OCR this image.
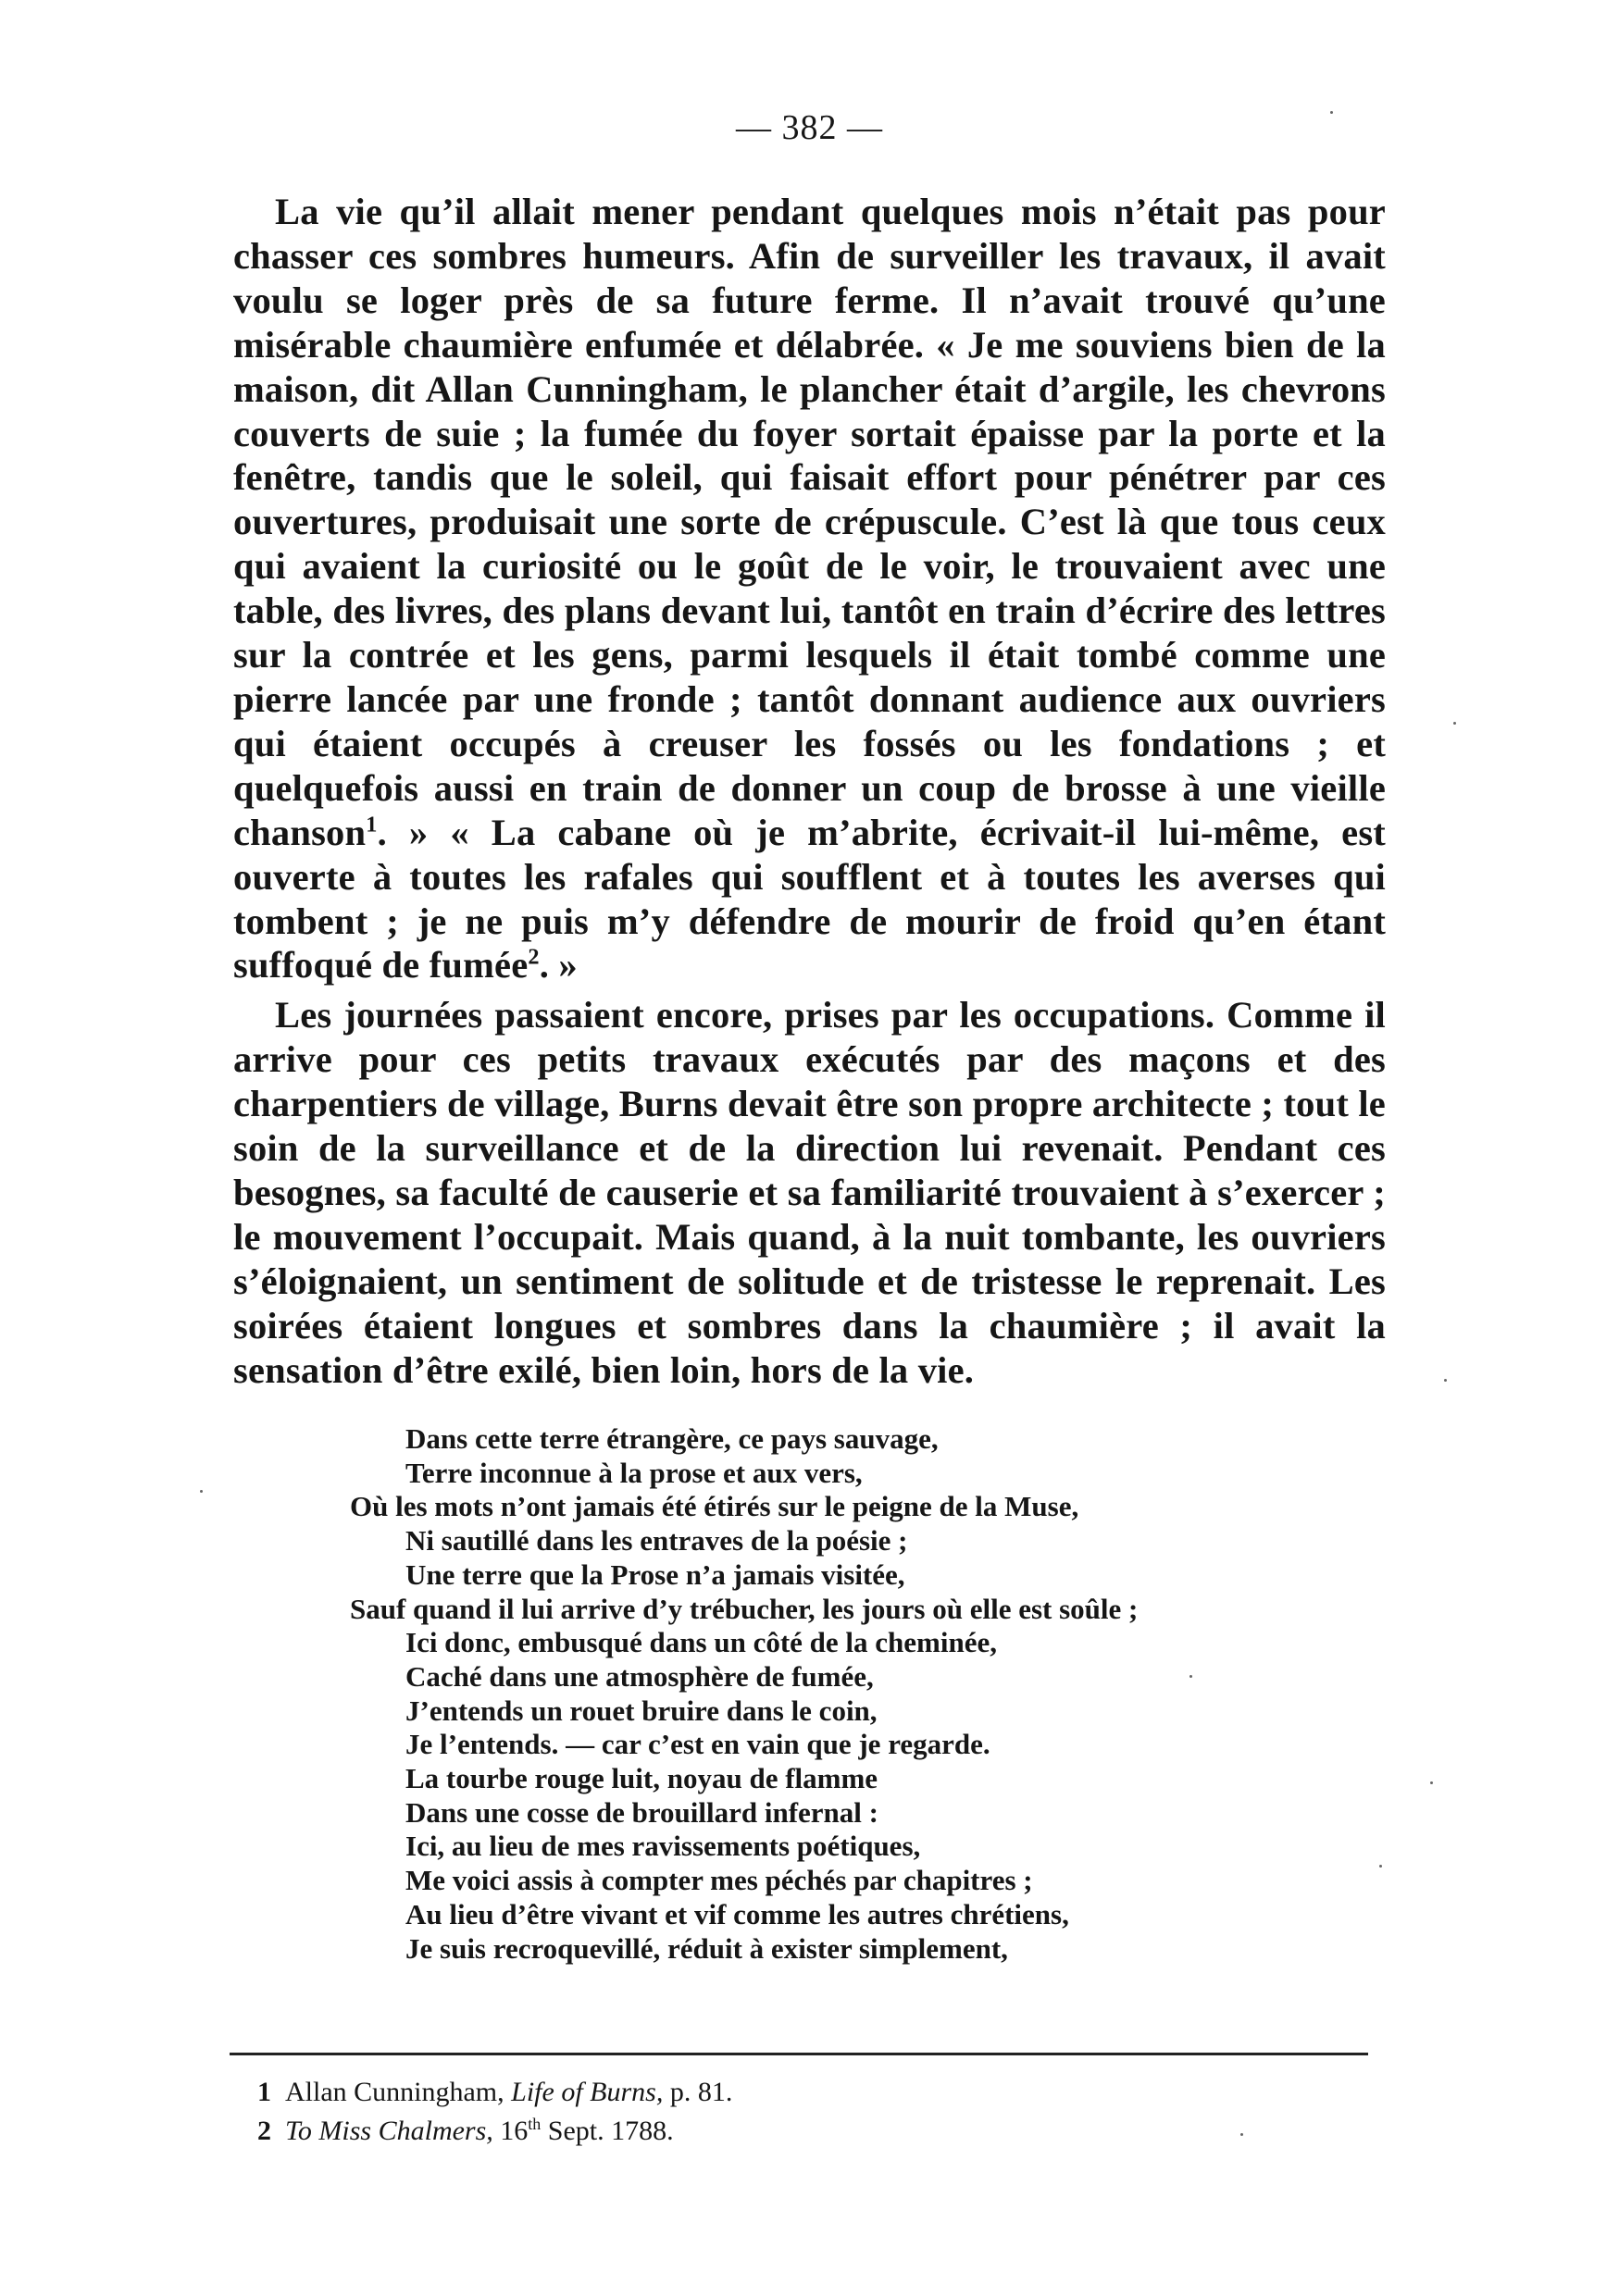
— 382 —

La vie qu’il allait mener pendant quelques mois n’était pas pour chasser ces sombres humeurs. Afin de surveiller les travaux, il avait voulu se loger près de sa future ferme. Il n’avait trouvé qu’une misérable chaumière enfumée et délabrée. « Je me souviens bien de la maison, dit Allan Cunningham, le plancher était d’argile, les chevrons couverts de suie ; la fumée du foyer sortait épaisse par la porte et la fenêtre, tandis que le soleil, qui faisait effort pour pénétrer par ces ouvertures, produisait une sorte de crépuscule. C’est là que tous ceux qui avaient la curiosité ou le goût de le voir, le trouvaient avec une table, des livres, des plans devant lui, tantôt en train d’écrire des lettres sur la contrée et les gens, parmi lesquels il était tombé comme une pierre lancée par une fronde ; tantôt donnant audience aux ouvriers qui étaient occupés à creuser les fossés ou les fondations ; et quelquefois aussi en train de donner un coup de brosse à une vieille chanson$^1$. » « La cabane où je m’abrite, écrivait-il lui-même, est ouverte à toutes les rafales qui soufflent et à toutes les averses qui tombent ; je ne puis m’y défendre de mourir de froid qu’en étant suffoqué de fumée$^2$. »

Les journées passaient encore, prises par les occupations. Comme il arrive pour ces petits travaux exécutés par des maçons et des charpentiers de village, Burns devait être son propre architecte ; tout le soin de la surveillance et de la direction lui revenait. Pendant ces besognes, sa faculté de causerie et sa familiarité trouvaient à s’exercer ; le mouvement l’occupait. Mais quand, à la nuit tombante, les ouvriers s’éloignaient, un sentiment de solitude et de tristesse le reprenait. Les soirées étaient longues et sombres dans la chaumière ; il avait la sensation d’être exilé, bien loin, hors de la vie.

Dans cette terre étrangère, ce pays sauvage,
Terre inconnue à la prose et aux vers,
Où les mots n’ont jamais été étirés sur le peigne de la Muse,
Ni sautillé dans les entraves de la poésie ;
Une terre que la Prose n’a jamais visitée,
Sauf quand il lui arrive d’y trébucher, les jours où elle est soûle ;
Ici donc, embusqué dans un côté de la cheminée,
Caché dans une atmosphère de fumée,
J’entends un rouet bruire dans le coin,
Je l’entends. — car c’est en vain que je regarde.
La tourbe rouge luit, noyau de flamme
Dans une cosse de brouillard infernal :
Ici, au lieu de mes ravissements poétiques,
Me voici assis à compter mes péchés par chapitres ;
Au lieu d’être vivant et vif comme les autres chrétiens,
Je suis recroquevillé, réduit à exister simplement,
1 Allan Cunningham, Life of Burns, p. 81.
2 To Miss Chalmers, 16th Sept. 1788.
